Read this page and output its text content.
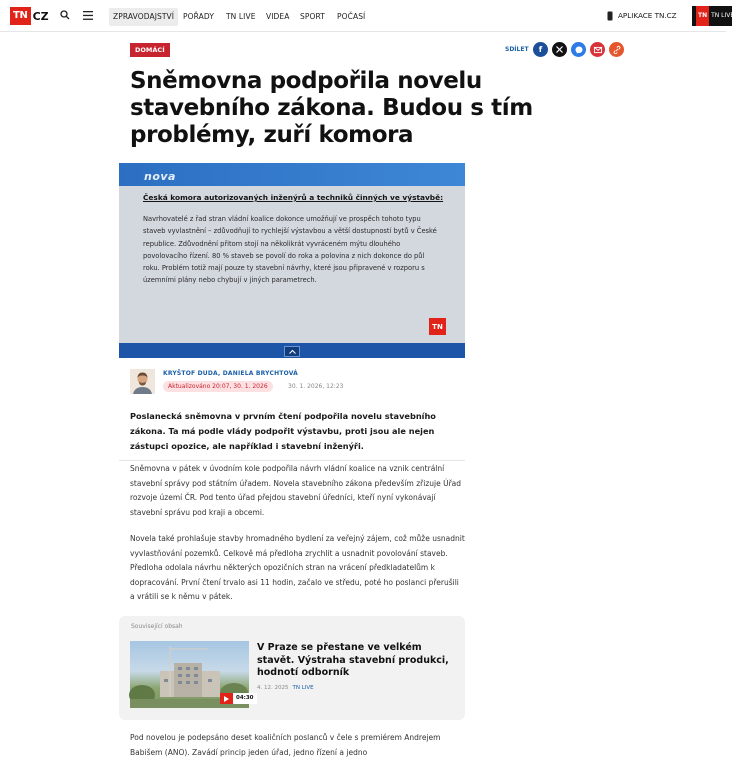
TN CZ	ZPRAVODAJSTVÍ	POŘADY TN LIVE VIDEA SPORT POČASÍ	APLIKACE TN.CZ	TN TN LIVE
DOMÁCÍ	SDÍLET	f
Sněmovna podpořila novelu stavebního zákona. Budou s tím problémy, zuří komora
nova
Česká komora autorizovaných inženýrů a techniků činných ve výstavbě:
Navrhovatelé z řad stran vládní koalice dokonce umožňují ve prospěch tohoto typu staveb vyvlastnění – zdůvodňují to rychlejší výstavbou a větší dostupností bytů v České republice. Zdůvodnění přitom stojí na několikrát vyvráceném mýtu dlouhého povolovacího řízení. 80 % staveb se povolí do roka a polovina z nich dokonce do půl roku. Problém totiž mají pouze ty stavební návrhy, které jsou připravené v rozporu s územními plány nebo chybují v jiných parametrech.
TN
KRYŠTOF DUDA, DANIELA BRYCHTOVÁ
Aktualizováno 20:07, 30. 1. 2026	30. 1. 2026, 12:23

Poslanecká sněmovna v prvním čtení podpořila novelu stavebního zákona. Ta má podle vlády podpořit výstavbu, proti jsou ale nejen zástupci opozice, ale například i stavební inženýři.

Sněmovna v pátek v úvodním kole podpořila návrh vládní koalice na vznik centrální stavební správy pod státním úřadem. Novela stavebního zákona především zřizuje Úřad rozvoje území ČR. Pod tento úřad přejdou stavební úředníci, kteří nyní vykonávají stavební správu pod kraji a obcemi.

Novela také prohlašuje stavby hromadného bydlení za veřejný zájem, což může usnadnit vyvlastňování pozemků. Celkově má předloha zrychlit a usnadnit povolování staveb. Předloha odolala návrhu některých opozičních stran na vrácení předkladatelům k dopracování. První čtení trvalo asi 11 hodin, začalo ve středu, poté ho poslanci přerušili a vrátili se k němu v pátek.

Související obsah
04:30
V Praze se přestane ve velkém stavět. Výstraha stavební produkci, hodnotí odborník
4. 12. 2025 TN LIVE

Pod novelou je podepsáno deset koaličních poslanců v čele s premiérem Andrejem Babišem (ANO). Zavádí princip jeden úřad, jedno řízení a jedno
